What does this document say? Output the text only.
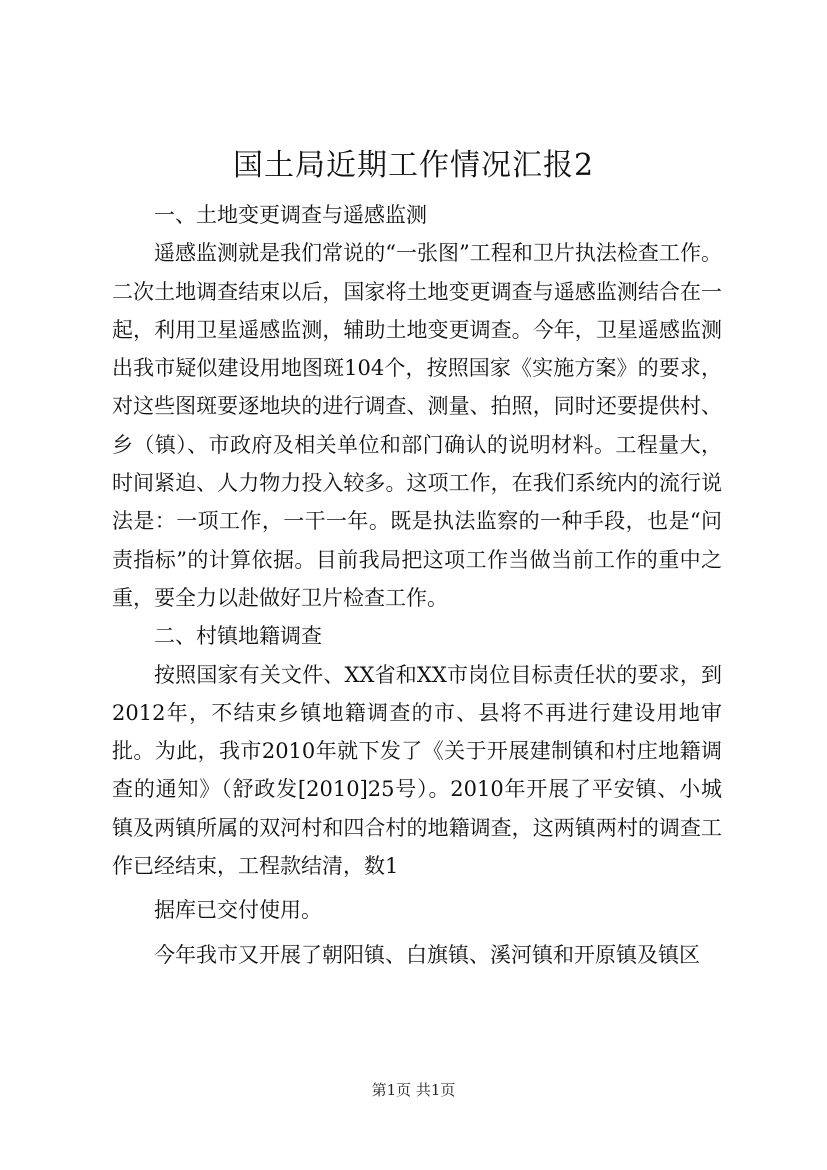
国土局近期工作情况汇报2

一、土地变更调查与遥感监测

遥感监测就是我们常说的“一张图”工程和卫片执法检查工作。二次土地调查结束以后，国家将土地变更调查与遥感监测结合在一起，利用卫星遥感监测，辅助土地变更调查。今年，卫星遥感监测出我市疑似建设用地图斑104个，按照国家《实施方案》的要求，对这些图斑要逐地块的进行调查、测量、拍照，同时还要提供村、乡（镇）、市政府及相关单位和部门确认的说明材料。工程量大，时间紧迫、人力物力投入较多。这项工作，在我们系统内的流行说法是：一项工作，一干一年。既是执法监察的一种手段，也是“问责指标”的计算依据。目前我局把这项工作当做当前工作的重中之重，要全力以赴做好卫片检查工作。

二、村镇地籍调查

按照国家有关文件、XX省和XX市岗位目标责任状的要求，到2012年，不结束乡镇地籍调查的市、县将不再进行建设用地审批。为此，我市2010年就下发了《关于开展建制镇和村庄地籍调查的通知》（舒政发[2010]25号）。2010年开展了平安镇、小城镇及两镇所属的双河村和四合村的地籍调查，这两镇两村的调查工作已经结束，工程款结清，数1

据库已交付使用。

今年我市又开展了朝阳镇、白旗镇、溪河镇和开原镇及镇区

第1页 共1页
